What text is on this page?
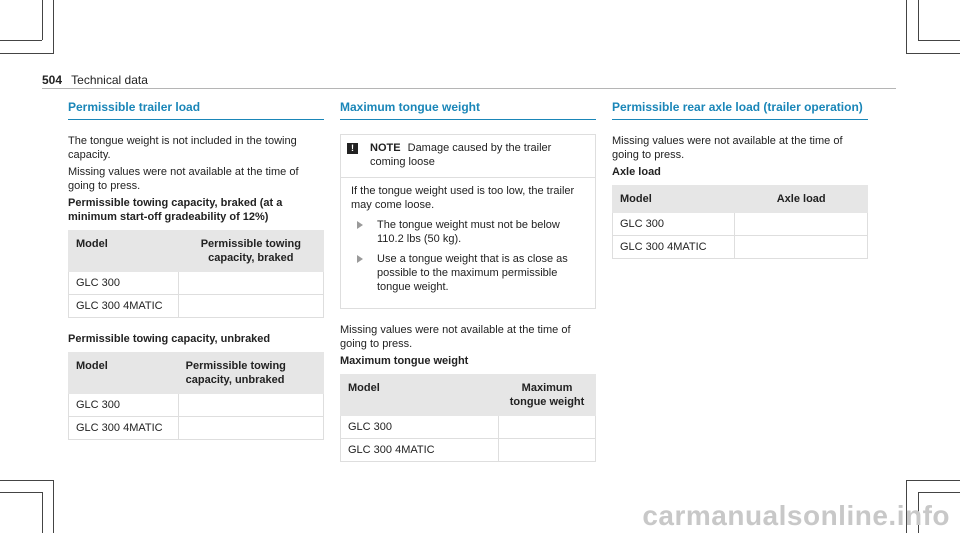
504 Technical data
Permissible trailer load

The tongue weight is not included in the towing capacity.

Missing values were not available at the time of going to press.

Permissible towing capacity, braked (at a minimum start-off gradeability of 12%)
Model	Permissible towing capacity, braked
GLC 300	
GLC 300 4MATIC	
Permissible towing capacity, unbraked
Model	Permissible towing capacity, unbraked
GLC 300	
GLC 300 4MATIC	
Maximum tongue weight
!	NOTE Damage caused by the trailer coming loose

If the tongue weight used is too low, the trailer may come loose.

The tongue weight must not be below 110.2 lbs (50 kg).
Use a tongue weight that is as close as possible to the maximum permissible tongue weight.

Missing values were not available at the time of going to press.

Maximum tongue weight
Model	Maximum tongue weight
GLC 300	
GLC 300 4MATIC	
Permissible rear axle load (trailer operation)

Missing values were not available at the time of going to press.

Axle load
Model	Axle load
GLC 300	
GLC 300 4MATIC	
carmanualsonline.info
